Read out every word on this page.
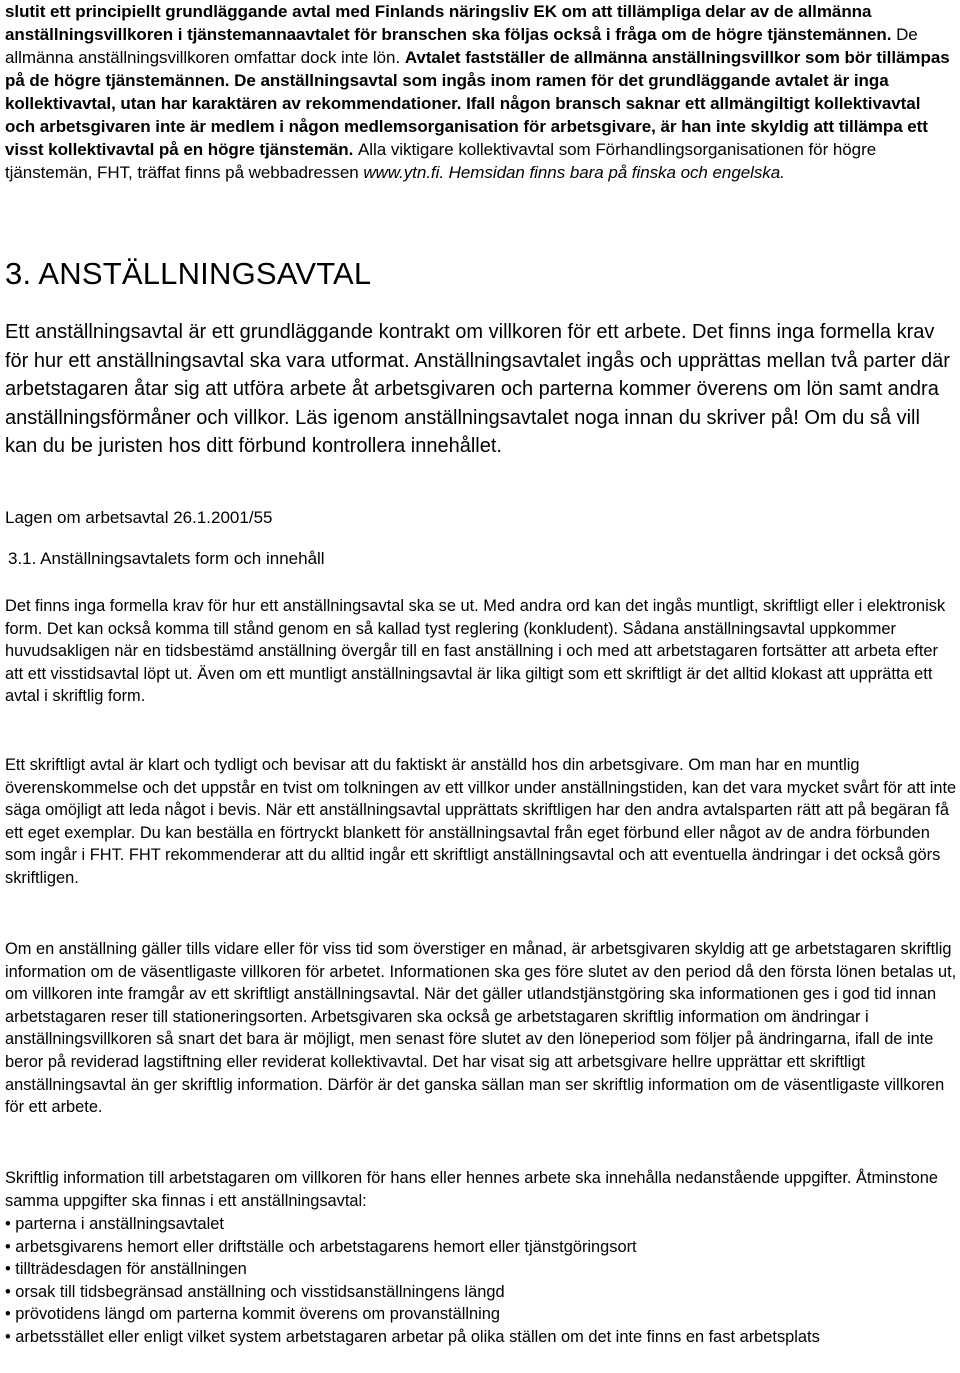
slutit ett principiellt grundläggande avtal med Finlands näringsliv EK om att tillämpliga delar av de allmänna anställningsvillkoren i tjänstemannaavtalet för branschen ska följas också i fråga om de högre tjänstemännen. De allmänna anställningsvillkoren omfattar dock inte lön. Avtalet fastställer de allmänna anställningsvillkor som bör tillämpas på de högre tjänstemännen. De anställningsavtal som ingås inom ramen för det grundläggande avtalet är inga kollektivavtal, utan har karaktären av rekommendationer. Ifall någon bransch saknar ett allmängiltigt kollektivavtal och arbetsgivaren inte är medlem i någon medlemsorganisation för arbetsgivare, är han inte skyldig att tillämpa ett visst kollektivavtal på en högre tjänstemän. Alla viktigare kollektivavtal som Förhandlingsorganisationen för högre tjänstemän, FHT, träffat finns på webbadressen www.ytn.fi. Hemsidan finns bara på finska och engelska.

3. ANSTÄLLNINGSAVTAL

Ett anställningsavtal är ett grundläggande kontrakt om villkoren för ett arbete. Det finns inga formella krav för hur ett anställningsavtal ska vara utformat. Anställningsavtalet ingås och upprättas mellan två parter där arbetstagaren åtar sig att utföra arbete åt arbetsgivaren och parterna kommer överens om lön samt andra anställningsförmåner och villkor. Läs igenom anställningsavtalet noga innan du skriver på! Om du så vill kan du be juristen hos ditt förbund kontrollera innehållet.

Lagen om arbetsavtal 26.1.2001/55

3.1. Anställningsavtalets form och innehåll

Det finns inga formella krav för hur ett anställningsavtal ska se ut. Med andra ord kan det ingås muntligt, skriftligt eller i elektronisk form. Det kan också komma till stånd genom en så kallad tyst reglering (konkludent). Sådana anställningsavtal uppkommer huvudsakligen när en tidsbestämd anställning övergår till en fast anställning i och med att arbetstagaren fortsätter att arbeta efter att ett visstidsavtal löpt ut. Även om ett muntligt anställningsavtal är lika giltigt som ett skriftligt är det alltid klokast att upprätta ett avtal i skriftlig form.

Ett skriftligt avtal är klart och tydligt och bevisar att du faktiskt är anställd hos din arbetsgivare. Om man har en muntlig överenskommelse och det uppstår en tvist om tolkningen av ett villkor under anställningstiden, kan det vara mycket svårt för att inte säga omöjligt att leda något i bevis. När ett anställningsavtal upprättats skriftligen har den andra avtalsparten rätt att på begäran få ett eget exemplar. Du kan beställa en förtryckt blankett för anställningsavtal från eget förbund eller något av de andra förbunden som ingår i FHT. FHT rekommenderar att du alltid ingår ett skriftligt anställningsavtal och att eventuella ändringar i det också görs skriftligen.

Om en anställning gäller tills vidare eller för viss tid som överstiger en månad, är arbetsgivaren skyldig att ge arbetstagaren skriftlig information om de väsentligaste villkoren för arbetet. Informationen ska ges före slutet av den period då den första lönen betalas ut, om villkoren inte framgår av ett skriftligt anställningsavtal. När det gäller utlandstjänstgöring ska informationen ges i god tid innan arbetstagaren reser till stationeringsorten. Arbetsgivaren ska också ge arbetstagaren skriftlig information om ändringar i anställningsvillkoren så snart det bara är möjligt, men senast före slutet av den löneperiod som följer på ändringarna, ifall de inte beror på reviderad lagstiftning eller reviderat kollektivavtal. Det har visat sig att arbetsgivare hellre upprättar ett skriftligt anställningsavtal än ger skriftlig information. Därför är det ganska sällan man ser skriftlig information om de väsentligaste villkoren för ett arbete.

Skriftlig information till arbetstagaren om villkoren för hans eller hennes arbete ska innehålla nedanstående uppgifter. Åtminstone samma uppgifter ska finnas i ett anställningsavtal:

• parterna i anställningsavtalet
• arbetsgivarens hemort eller driftställe och arbetstagarens hemort eller tjänstgöringsort
• tillträdesdagen för anställningen
• orsak till tidsbegränsad anställning och visstidsanställningens längd
• prövotidens längd om parterna kommit överens om provanställning
• arbetsstället eller enligt vilket system arbetstagaren arbetar på olika ställen om det inte finns en fast arbetsplats
